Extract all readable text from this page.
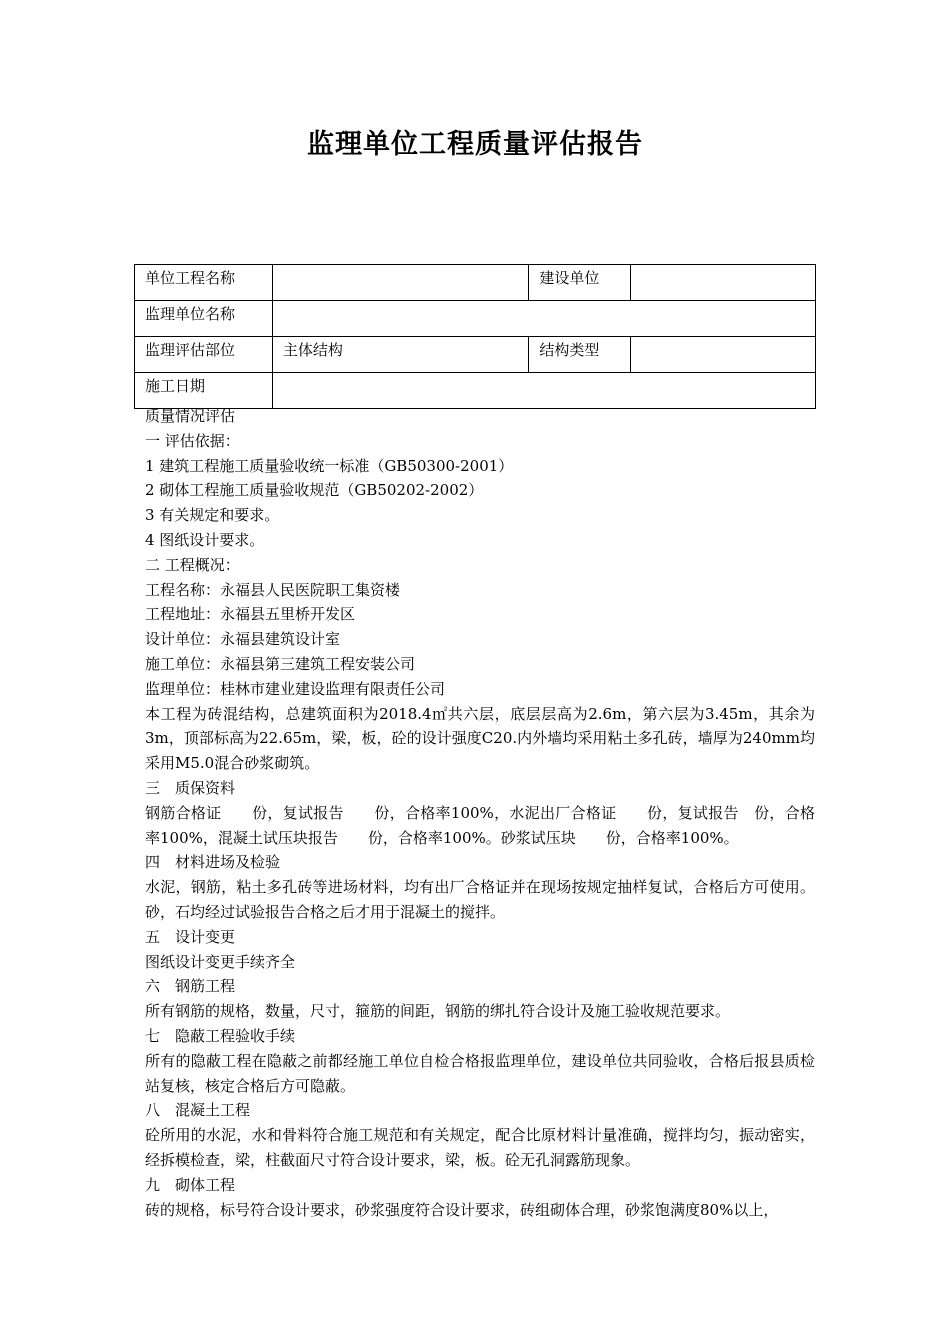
监理单位工程质量评估报告
单位工程名称		建设单位	
监理单位名称			
监理评估部位	主体结构	结构类型	
施工日期			

质量情况评估

一 评估依据：

1 建筑工程施工质量验收统一标准（GB50300-2001）

2 砌体工程施工质量验收规范（GB50202-2002）

3 有关规定和要求。

4 图纸设计要求。

二 工程概况：

工程名称：永福县人民医院职工集资楼

工程地址：永福县五里桥开发区

设计单位：永福县建筑设计室

施工单位：永福县第三建筑工程安装公司

监理单位：桂林市建业建设监理有限责任公司

本工程为砖混结构，总建筑面积为2018.4㎡共六层，底层层高为2.6m，第六层为3.45m，其余为3m，顶部标高为22.65m，梁，板，砼的设计强度C20.内外墙均采用粘土多孔砖，墙厚为240mm均采用M5.0混合砂浆砌筑。

三　质保资料

钢筋合格证　　份，复试报告　　份，合格率100%，水泥出厂合格证　　份，复试报告　份，合格率100%，混凝土试压块报告　　份，合格率100%。砂浆试压块　　份，合格率100%。

四　材料进场及检验

水泥，钢筋，粘土多孔砖等进场材料，均有出厂合格证并在现场按规定抽样复试，合格后方可使用。砂，石均经过试验报告合格之后才用于混凝土的搅拌。

五　设计变更

图纸设计变更手续齐全

六　钢筋工程

所有钢筋的规格，数量，尺寸，箍筋的间距，钢筋的绑扎符合设计及施工验收规范要求。

七　隐蔽工程验收手续

所有的隐蔽工程在隐蔽之前都经施工单位自检合格报监理单位，建设单位共同验收，合格后报县质检站复核，核定合格后方可隐蔽。

八　混凝土工程

砼所用的水泥，水和骨料符合施工规范和有关规定，配合比原材料计量准确，搅拌均匀，振动密实，经拆模检查，梁，柱截面尺寸符合设计要求，梁，板。砼无孔洞露筋现象。

九　砌体工程

砖的规格，标号符合设计要求，砂浆强度符合设计要求，砖组砌体合理，砂浆饱满度80%以上，
